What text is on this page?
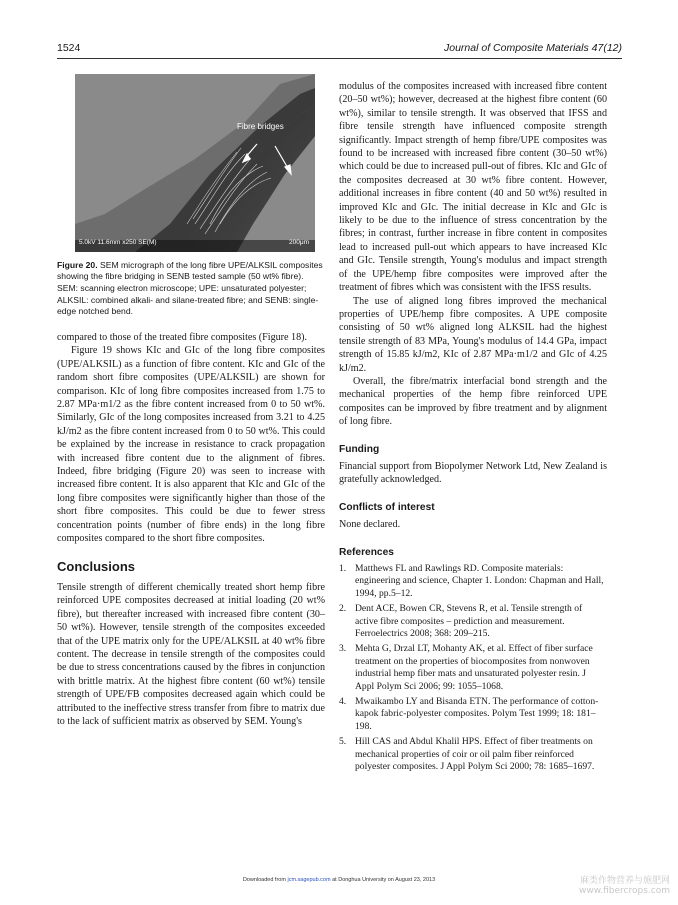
1524	Journal of Composite Materials 47(12)
Fibre bridges
5.0kV 11.6mm x250 SE(M)	200μm
Figure 20. SEM micrograph of the long fibre UPE/ALKSIL composites showing the fibre bridging in SENB tested sample (50 wt% fibre).
SEM: scanning electron microscope; UPE: unsaturated polyester; ALKSIL: combined alkali- and silane-treated fibre; and SENB: single-edge notched bend.

compared to those of the treated fibre composites (Figure 18).

Figure 19 shows KIc and GIc of the long fibre composites (UPE/ALKSIL) as a function of fibre content. KIc and GIc of the random short fibre composites (UPE/ALKSIL) are shown for comparison. KIc of long fibre composites increased from 1.75 to 2.87 MPa·m1/2 as the fibre content increased from 0 to 50 wt%. Similarly, GIc of the long composites increased from 3.21 to 4.25 kJ/m2 as the fibre content increased from 0 to 50 wt%. This could be explained by the increase in resistance to crack propagation with increased fibre content due to the alignment of fibres. Indeed, fibre bridging (Figure 20) was seen to increase with increased fibre content. It is also apparent that KIc and GIc of the long fibre composites were significantly higher than those of the short fibre composites. This could be due to fewer stress concentration points (number of fibre ends) in the long fibre composites compared to the short fibre composites.

Conclusions

Tensile strength of different chemically treated short hemp fibre reinforced UPE composites decreased at initial loading (20 wt% fibre), but thereafter increased with increased fibre content (30–50 wt%). However, tensile strength of the composites exceeded that of the UPE matrix only for the UPE/ALKSIL at 40 wt% fibre content. The decrease in tensile strength of the composites could be due to stress concentrations caused by the fibres in conjunction with brittle matrix. At the highest fibre content (60 wt%) tensile strength of UPE/FB composites decreased again which could be attributed to the ineffective stress transfer from fibre to matrix due to the lack of sufficient matrix as observed by SEM. Young's

modulus of the composites increased with increased fibre content (20–50 wt%); however, decreased at the highest fibre content (60 wt%), similar to tensile strength. It was observed that IFSS and fibre tensile strength have influenced composite strength significantly. Impact strength of hemp fibre/UPE composites was found to be increased with increased fibre content (30–50 wt%) which could be due to increased pull-out of fibres. KIc and GIc of the composites decreased at 30 wt% fibre content. However, additional increases in fibre content (40 and 50 wt%) resulted in improved KIc and GIc. The initial decrease in KIc and GIc is likely to be due to the influence of stress concentration by the fibres; in contrast, further increase in fibre content in composites lead to increased pull-out which appears to have increased KIc and GIc. Tensile strength, Young's modulus and impact strength of the UPE/hemp fibre composites were improved after the treatment of fibres which was consistent with the IFSS results.

The use of aligned long fibres improved the mechanical properties of UPE/hemp fibre composites. A UPE composite consisting of 50 wt% aligned long ALKSIL had the highest tensile strength of 83 MPa, Young's modulus of 14.4 GPa, impact strength of 15.85 kJ/m2, KIc of 2.87 MPa·m1/2 and GIc of 4.25 kJ/m2.

Overall, the fibre/matrix interfacial bond strength and the mechanical properties of the hemp fibre reinforced UPE composites can be improved by fibre treatment and by alignment of long fibre.

Funding

Financial support from Biopolymer Network Ltd, New Zealand is gratefully acknowledged.

Conflicts of interest

None declared.

References
1. Matthews FL and Rawlings RD. Composite materials: engineering and science, Chapter 1. London: Chapman and Hall, 1994, pp.5–12.
2. Dent ACE, Bowen CR, Stevens R, et al. Tensile strength of active fibre composites – prediction and measurement. Ferroelectrics 2008; 368: 209–215.
3. Mehta G, Drzal LT, Mohanty AK, et al. Effect of fiber surface treatment on the properties of biocomposites from nonwoven industrial hemp fiber mats and unsaturated polyester resin. J Appl Polym Sci 2006; 99: 1055–1068.
4. Mwaikambo LY and Bisanda ETN. The performance of cotton-kapok fabric-polyester composites. Polym Test 1999; 18: 181–198.
5. Hill CAS and Abdul Khalil HPS. Effect of fiber treatments on mechanical properties of coir or oil palm fiber reinforced polyester composites. J Appl Polym Sci 2000; 78: 1685–1697.
Downloaded from jcm.sagepub.com at Donghua University on August 23, 2013	麻类作物营养与施肥网
www.fibercrops.com
